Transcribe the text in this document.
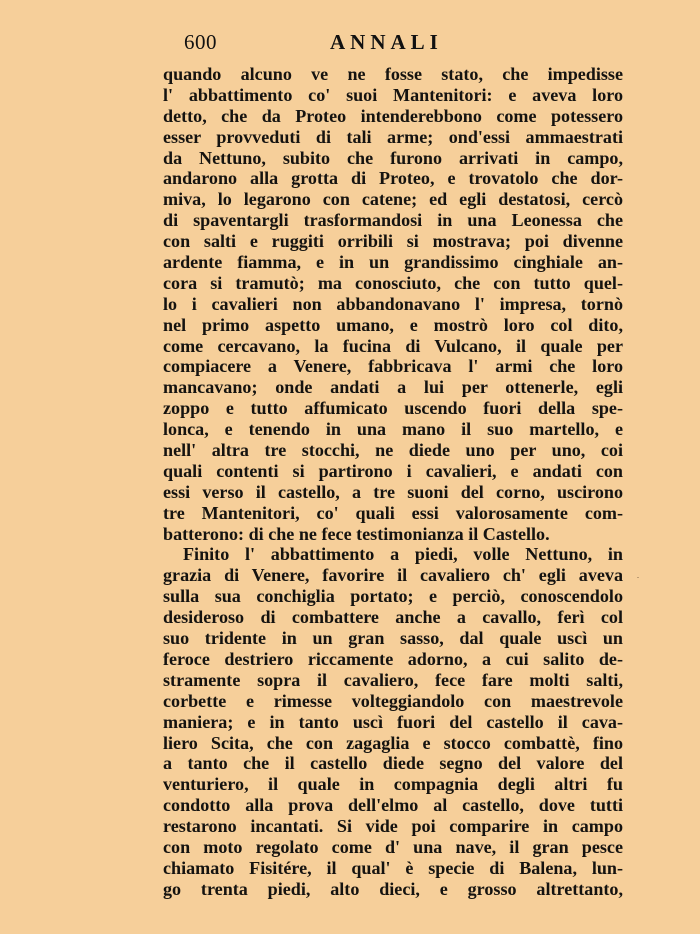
600	ANNALI
quando alcuno ve ne fosse stato, che impedisse
l' abbattimento co' suoi Mantenitori: e aveva loro
detto, che da Proteo intenderebbono come potessero
esser provveduti di tali arme; ond'essi ammaestrati
da Nettuno, subito che furono arrivati in campo,
andarono alla grotta di Proteo, e trovatolo che dor-
miva, lo legarono con catene; ed egli destatosi, cercò
di spaventargli trasformandosi in una Leonessa che
con salti e ruggiti orribili si mostrava; poi divenne
ardente fiamma, e in un grandissimo cinghiale an-
cora si tramutò; ma conosciuto, che con tutto quel-
lo i cavalieri non abbandonavano l' impresa, tornò
nel primo aspetto umano, e mostrò loro col dito,
come cercavano, la fucina di Vulcano, il quale per
compiacere a Venere, fabbricava l' armi che loro
mancavano; onde andati a lui per ottenerle, egli
zoppo e tutto affumicato uscendo fuori della spe-
lonca, e tenendo in una mano il suo martello, e
nell' altra tre stocchi, ne diede uno per uno, coi
quali contenti si partirono i cavalieri, e andati con
essi verso il castello, a tre suoni del corno, uscirono
tre Mantenitori, co' quali essi valorosamente com-
batterono: di che ne fece testimonianza il Castello.
Finito l' abbattimento a piedi, volle Nettuno, in
grazia di Venere, favorire il cavaliero ch' egli aveva
sulla sua conchiglia portato; e perciò, conoscendolo
desideroso di combattere anche a cavallo, ferì col
suo tridente in un gran sasso, dal quale uscì un
feroce destriero riccamente adorno, a cui salito de-
stramente sopra il cavaliero, fece fare molti salti,
corbette e rimesse volteggiandolo con maestrevole
maniera; e in tanto uscì fuori del castello il cava-
liero Scita, che con zagaglia e stocco combattè, fino
a tanto che il castello diede segno del valore del
venturiero, il quale in compagnia degli altri fu
condotto alla prova dell'elmo al castello, dove tutti
restarono incantati. Si vide poi comparire in campo
con moto regolato come d' una nave, il gran pesce
chiamato Fisitére, il qual' è specie di Balena, lun-
go trenta piedi, alto dieci, e grosso altrettanto,
